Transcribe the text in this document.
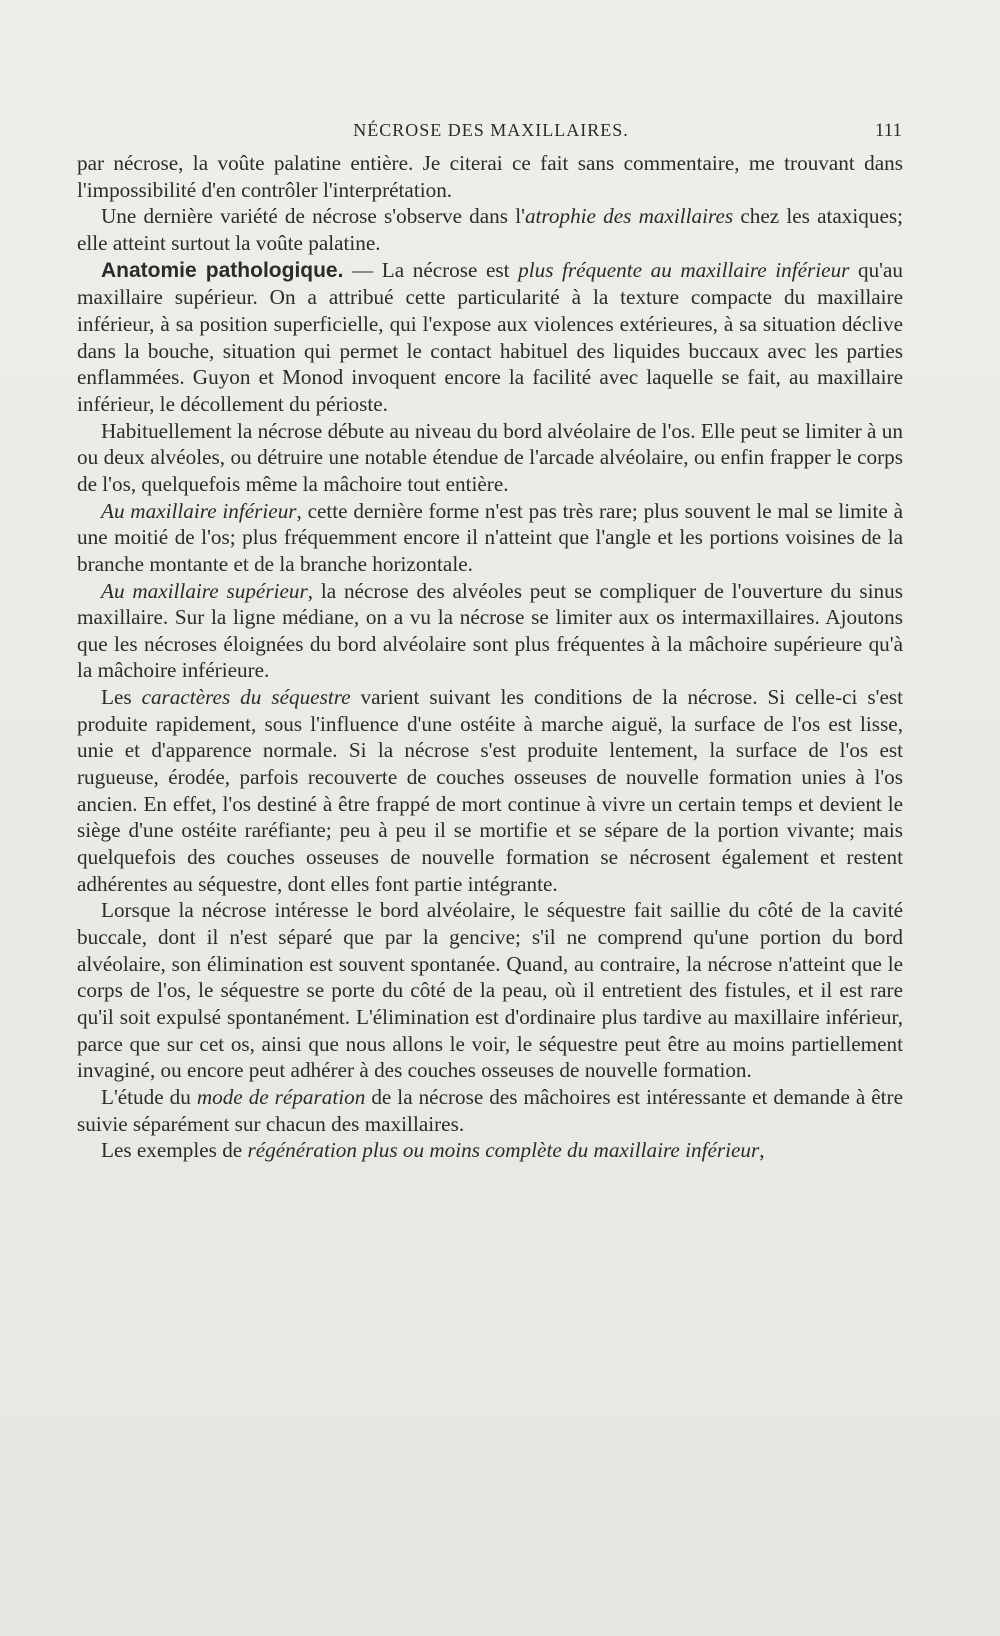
NÉCROSE DES MAXILLAIRES.	111

par nécrose, la voûte palatine entière. Je citerai ce fait sans commentaire, me trouvant dans l'impossibilité d'en contrôler l'interprétation.

Une dernière variété de nécrose s'observe dans l'atrophie des maxillaires chez les ataxiques; elle atteint surtout la voûte palatine.

Anatomie pathologique. — La nécrose est plus fréquente au maxillaire inférieur qu'au maxillaire supérieur. On a attribué cette particularité à la texture compacte du maxillaire inférieur, à sa position superficielle, qui l'expose aux violences extérieures, à sa situation déclive dans la bouche, situation qui permet le contact habituel des liquides buccaux avec les parties enflammées. Guyon et Monod invoquent encore la facilité avec laquelle se fait, au maxillaire inférieur, le décollement du périoste.

Habituellement la nécrose débute au niveau du bord alvéolaire de l'os. Elle peut se limiter à un ou deux alvéoles, ou détruire une notable étendue de l'arcade alvéolaire, ou enfin frapper le corps de l'os, quelquefois même la mâchoire tout entière.

Au maxillaire inférieur, cette dernière forme n'est pas très rare; plus souvent le mal se limite à une moitié de l'os; plus fréquemment encore il n'atteint que l'angle et les portions voisines de la branche montante et de la branche horizontale.

Au maxillaire supérieur, la nécrose des alvéoles peut se compliquer de l'ouverture du sinus maxillaire. Sur la ligne médiane, on a vu la nécrose se limiter aux os intermaxillaires. Ajoutons que les nécroses éloignées du bord alvéolaire sont plus fréquentes à la mâchoire supérieure qu'à la mâchoire inférieure.

Les caractères du séquestre varient suivant les conditions de la nécrose. Si celle-ci s'est produite rapidement, sous l'influence d'une ostéite à marche aiguë, la surface de l'os est lisse, unie et d'apparence normale. Si la nécrose s'est produite lentement, la surface de l'os est rugueuse, érodée, parfois recouverte de couches osseuses de nouvelle formation unies à l'os ancien. En effet, l'os destiné à être frappé de mort continue à vivre un certain temps et devient le siège d'une ostéite raréfiante; peu à peu il se mortifie et se sépare de la portion vivante; mais quelquefois des couches osseuses de nouvelle formation se nécrosent également et restent adhérentes au séquestre, dont elles font partie intégrante.

Lorsque la nécrose intéresse le bord alvéolaire, le séquestre fait saillie du côté de la cavité buccale, dont il n'est séparé que par la gencive; s'il ne comprend qu'une portion du bord alvéolaire, son élimination est souvent spontanée. Quand, au contraire, la nécrose n'atteint que le corps de l'os, le séquestre se porte du côté de la peau, où il entretient des fistules, et il est rare qu'il soit expulsé spontanément. L'élimination est d'ordinaire plus tardive au maxillaire inférieur, parce que sur cet os, ainsi que nous allons le voir, le séquestre peut être au moins partiellement invaginé, ou encore peut adhérer à des couches osseuses de nouvelle formation.

L'étude du mode de réparation de la nécrose des mâchoires est intéressante et demande à être suivie séparément sur chacun des maxillaires.

Les exemples de régénération plus ou moins complète du maxillaire inférieur,
